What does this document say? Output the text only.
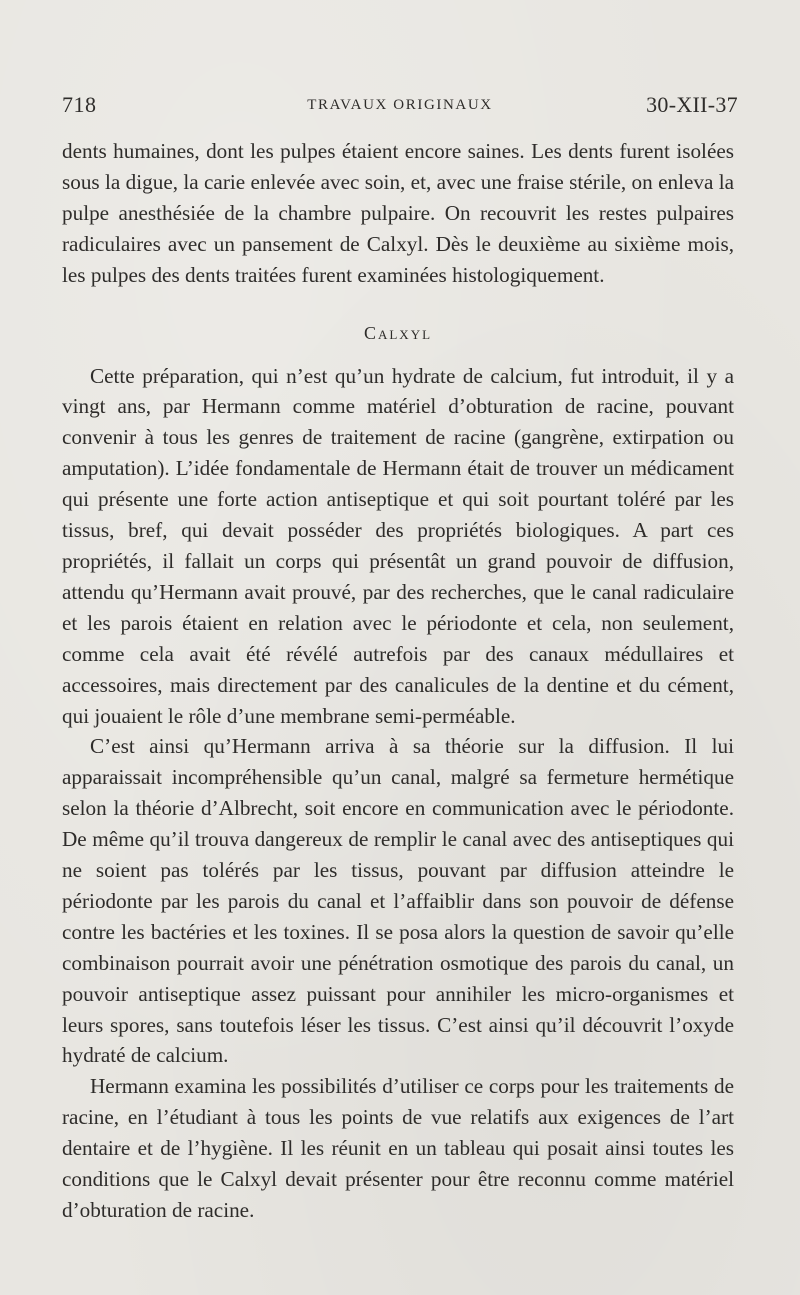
718	TRAVAUX ORIGINAUX	30-XII-37

dents humaines, dont les pulpes étaient encore saines. Les dents furent isolées sous la digue, la carie enlevée avec soin, et, avec une fraise stérile, on enleva la pulpe anesthésiée de la chambre pulpaire. On recouvrit les restes pulpaires radiculaires avec un pansement de Calxyl. Dès le deuxième au sixième mois, les pulpes des dents traitées furent examinées histologiquement.

Calxyl

Cette préparation, qui n’est qu’un hydrate de calcium, fut introduit, il y a vingt ans, par Hermann comme matériel d’obturation de racine, pouvant convenir à tous les genres de traitement de racine (gangrène, extirpation ou amputation). L’idée fondamentale de Hermann était de trouver un médicament qui présente une forte action antiseptique et qui soit pourtant toléré par les tissus, bref, qui devait posséder des propriétés biologiques. A part ces propriétés, il fallait un corps qui présentât un grand pouvoir de diffusion, attendu qu’Hermann avait prouvé, par des recherches, que le canal radiculaire et les parois étaient en relation avec le périodonte et cela, non seulement, comme cela avait été révélé autrefois par des canaux médullaires et accessoires, mais directement par des canalicules de la dentine et du cément, qui jouaient le rôle d’une membrane semi-perméable.

C’est ainsi qu’Hermann arriva à sa théorie sur la diffusion. Il lui apparaissait incompréhensible qu’un canal, malgré sa fermeture hermétique selon la théorie d’Albrecht, soit encore en communication avec le périodonte. De même qu’il trouva dangereux de remplir le canal avec des antiseptiques qui ne soient pas tolérés par les tissus, pouvant par diffusion atteindre le périodonte par les parois du canal et l’affaiblir dans son pouvoir de défense contre les bactéries et les toxines. Il se posa alors la question de savoir qu’elle combinaison pourrait avoir une pénétration osmotique des parois du canal, un pouvoir antiseptique assez puissant pour annihiler les micro-organismes et leurs spores, sans toutefois léser les tissus. C’est ainsi qu’il découvrit l’oxyde hydraté de calcium.

Hermann examina les possibilités d’utiliser ce corps pour les traitements de racine, en l’étudiant à tous les points de vue relatifs aux exigences de l’art dentaire et de l’hygiène. Il les réunit en un tableau qui posait ainsi toutes les conditions que le Calxyl devait présenter pour être reconnu comme matériel d’obturation de racine.
